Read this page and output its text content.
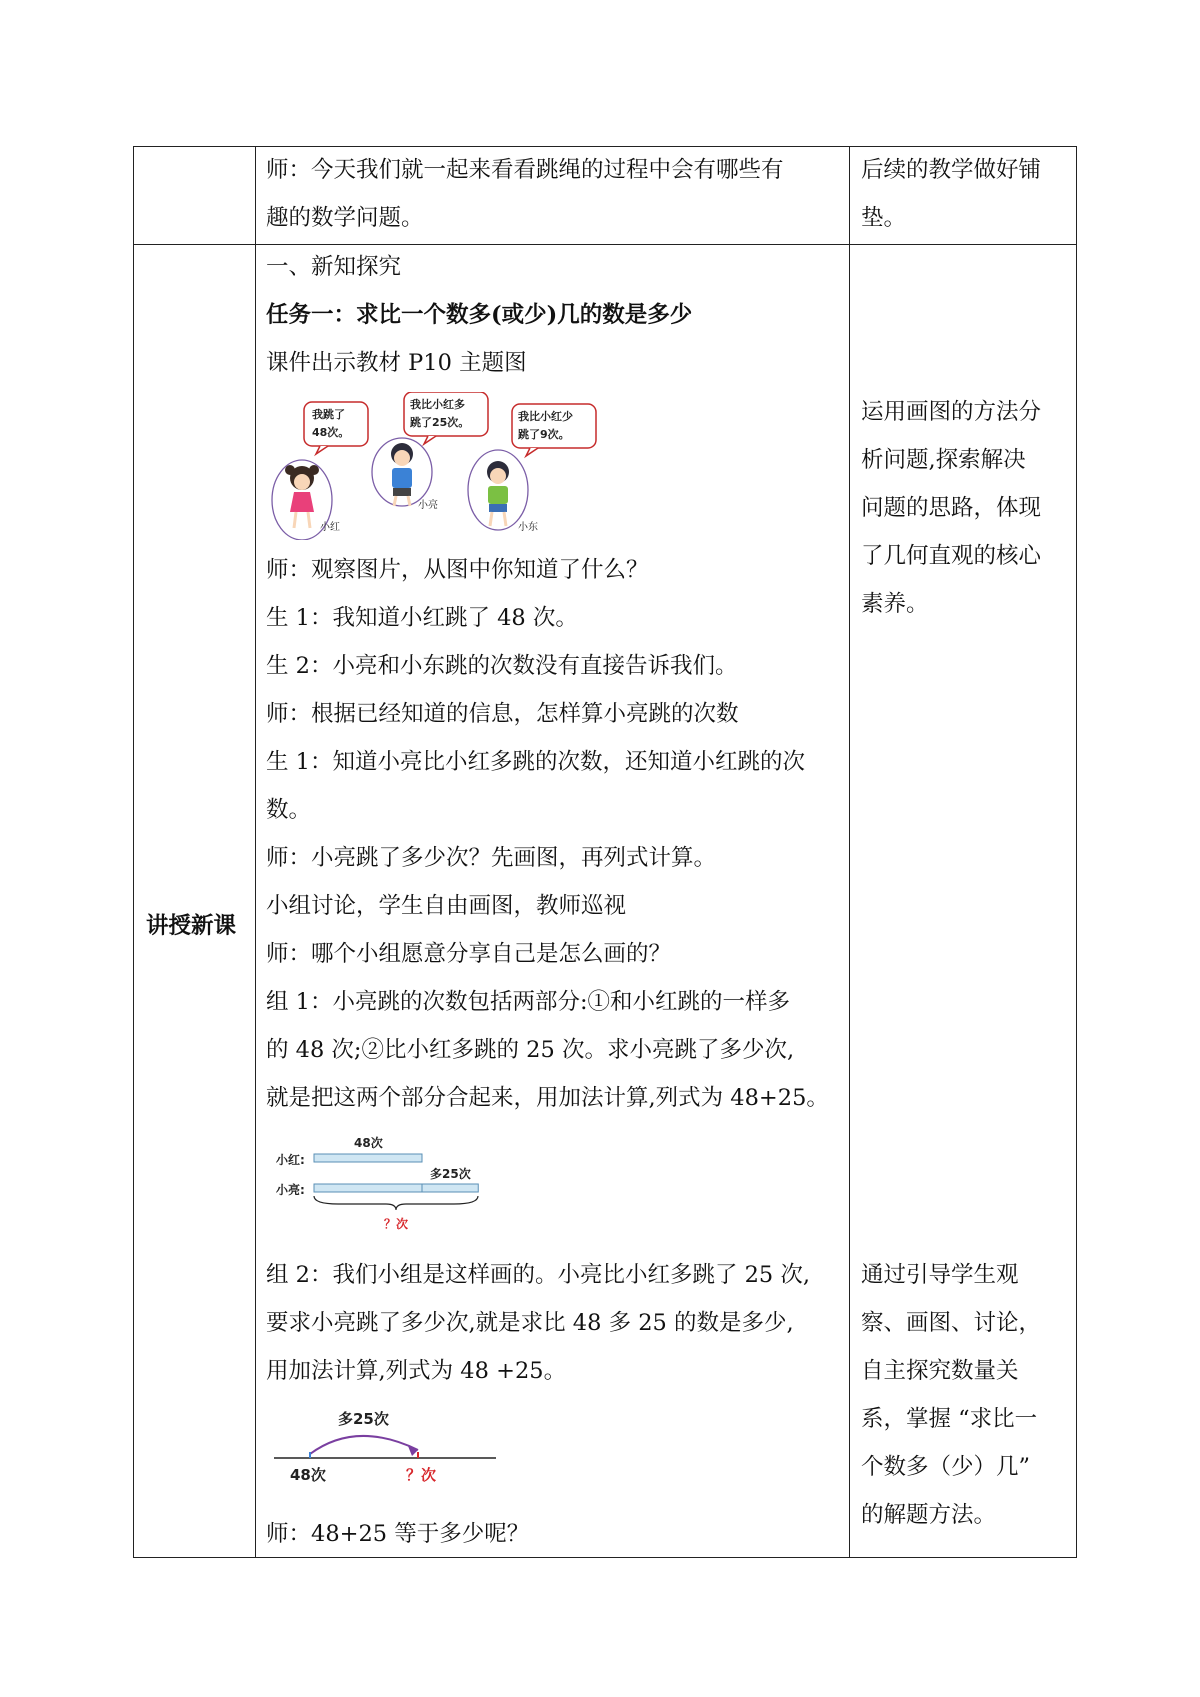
师：今天我们就一起来看看跳绳的过程中会有哪些有
趣的数学问题。
后续的教学做好铺
垫。
讲授新课
一、新知探究
任务一：求比一个数多(或少)几的数是多少
课件出示教材 P10 主题图
我跳了
48次。
我比小红多
跳了25次。	我比小红少
跳了9次。
小红
小亮
小东
师：观察图片，从图中你知道了什么？
生 1：我知道小红跳了 48 次。
生 2：小亮和小东跳的次数没有直接告诉我们。
师：根据已经知道的信息，怎样算小亮跳的次数
生 1：知道小亮比小红多跳的次数，还知道小红跳的次
数。
师：小亮跳了多少次？先画图，再列式计算。
小组讨论，学生自由画图，教师巡视
师：哪个小组愿意分享自己是怎么画的？
组 1：小亮跳的次数包括两部分:①和小红跳的一样多
的 48 次;②比小红多跳的 25 次。求小亮跳了多少次,
就是把这两个部分合起来，用加法计算,列式为 48+25。
小红:
小亮:
48次
多25次
？次
组 2：我们小组是这样画的。小亮比小红多跳了 25 次,
要求小亮跳了多少次,就是求比 48 多 25 的数是多少,
用加法计算,列式为 48 +25。
多25次
48次	？次
师：48+25 等于多少呢？
运用画图的方法分
析问题,探索解决
问题的思路，体现
了几何直观的核心
素养。
通过引导学生观
察、画图、讨论，
自主探究数量关
系，掌握 “求比一
个数多（少）几”
的解题方法。
